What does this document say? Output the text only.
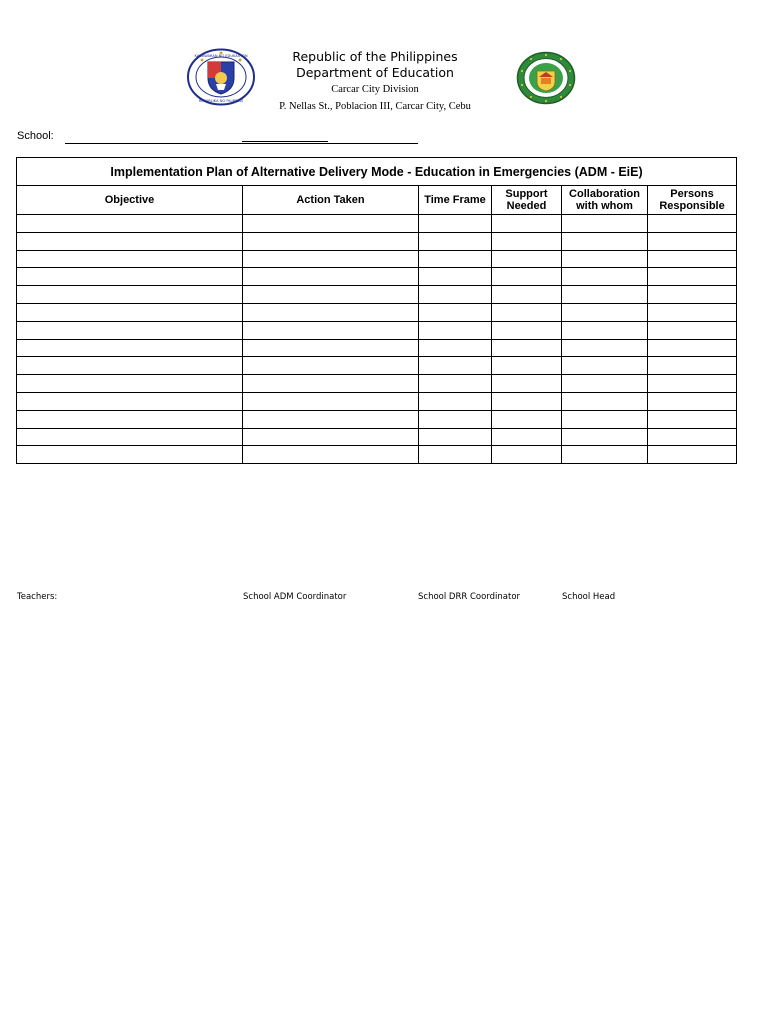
REPUBLIKA NG PILIPINAS
KAGAWARAN NG EDUKASYON	Republic of the Philippines
Department of Education
Carcar City Division
P. Nellas St., Poblacion III, Carcar City, Cebu
School:
Implementation Plan of Alternative Delivery Mode - Education in Emergencies (ADM - EiE)					
Objective	Action Taken	Time Frame	Support Needed	Collaboration with whom	Persons Responsible

Teachers:	School ADM Coordinator	School DRR Coordinator	School Head
